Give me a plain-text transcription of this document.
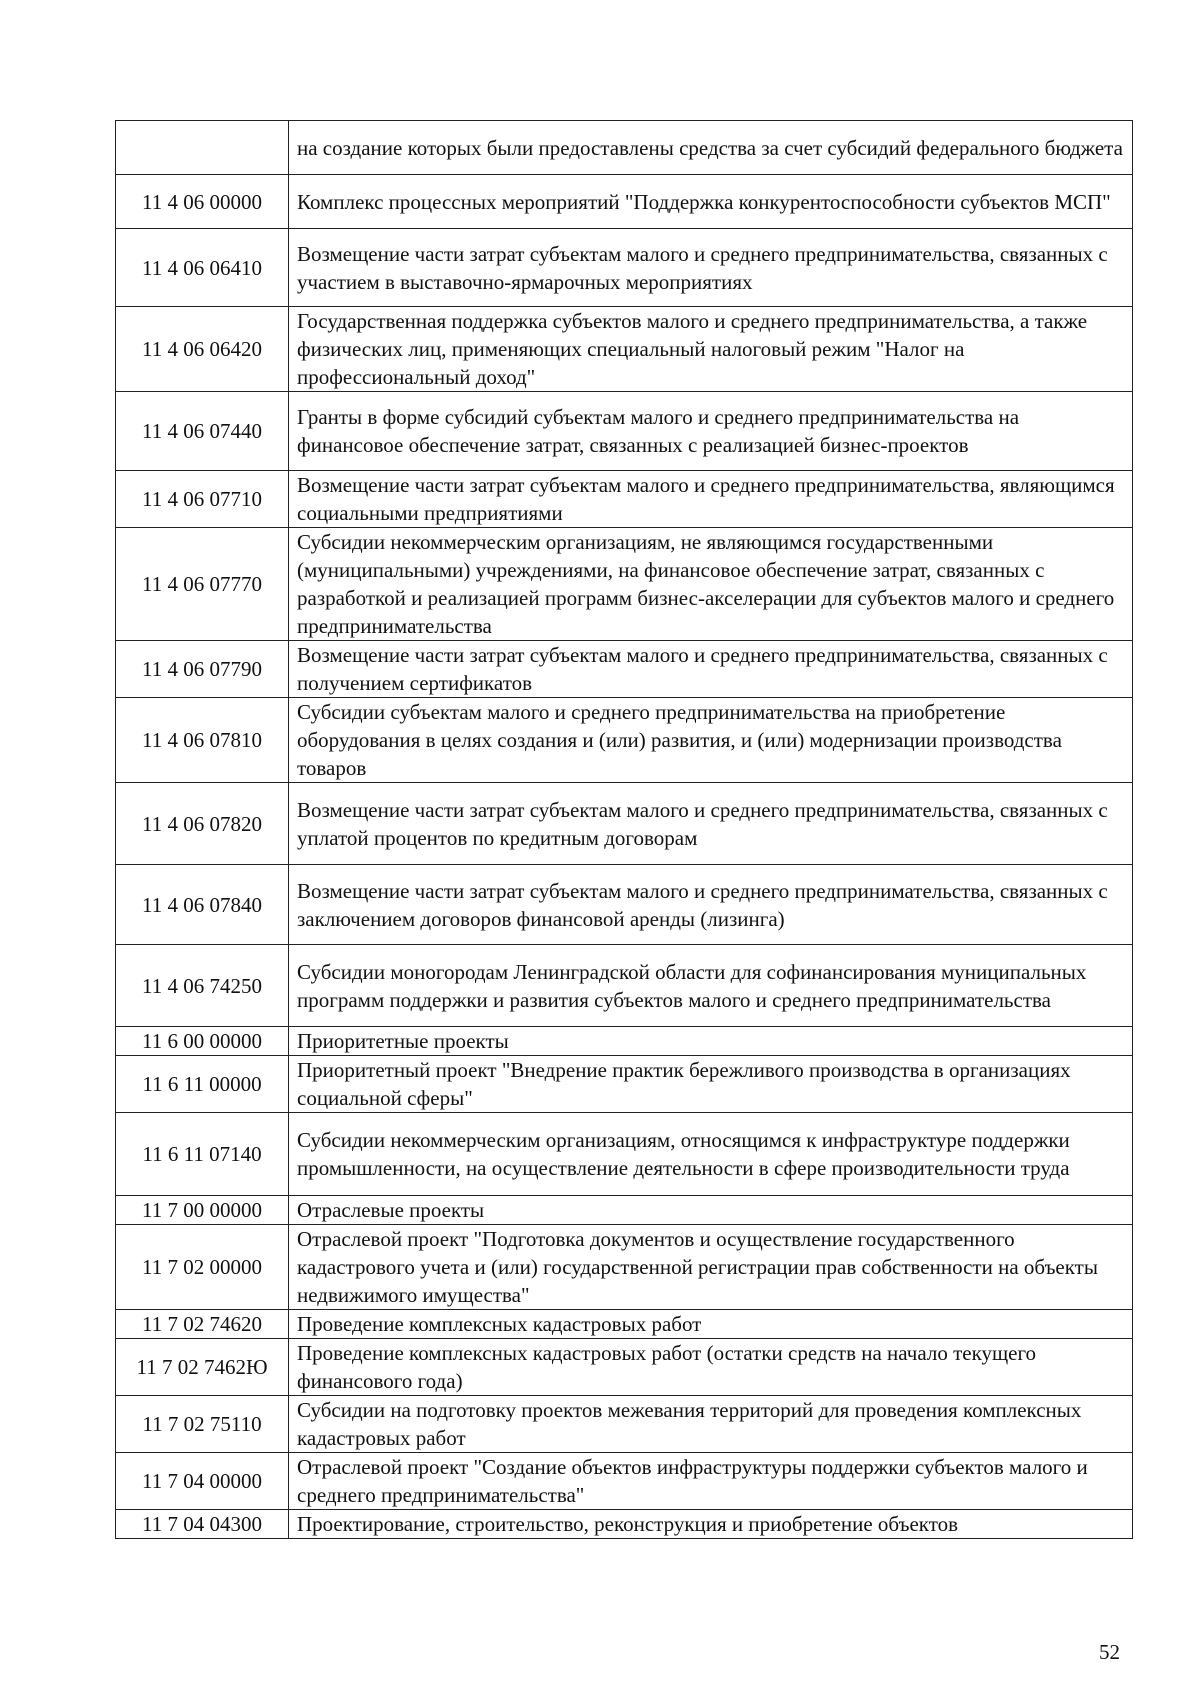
	на создание которых были предоставлены средства за счет субсидий федерального бюджета
11 4 06 00000	Комплекс процессных мероприятий "Поддержка конкурентоспособности субъектов МСП"
11 4 06 06410	Возмещение части затрат субъектам малого и среднего предпринимательства, связанных с участием в выставочно-ярмарочных мероприятиях
11 4 06 06420	Государственная поддержка субъектов малого и среднего предпринимательства, а также физических лиц, применяющих специальный налоговый режим "Налог на профессиональный доход"
11 4 06 07440	Гранты в форме субсидий субъектам малого и среднего предпринимательства на финансовое обеспечение затрат, связанных с реализацией бизнес-проектов
11 4 06 07710	Возмещение части затрат субъектам малого и среднего предпринимательства, являющимся социальными предприятиями
11 4 06 07770	Субсидии некоммерческим организациям, не являющимся государственными (муниципальными) учреждениями, на финансовое обеспечение затрат, связанных с разработкой и реализацией программ бизнес-акселерации для субъектов малого и среднего предпринимательства
11 4 06 07790	Возмещение части затрат субъектам малого и среднего предпринимательства, связанных с получением сертификатов
11 4 06 07810	Субсидии субъектам малого и среднего предпринимательства на приобретение оборудования в целях создания и (или) развития, и (или) модернизации производства товаров
11 4 06 07820	Возмещение части затрат субъектам малого и среднего предпринимательства, связанных с уплатой процентов по кредитным договорам
11 4 06 07840	Возмещение части затрат субъектам малого и среднего предпринимательства, связанных с заключением договоров финансовой аренды (лизинга)
11 4 06 74250	Субсидии моногородам Ленинградской области для софинансирования муниципальных программ поддержки и развития субъектов малого и среднего предпринимательства
11 6 00 00000	Приоритетные проекты
11 6 11 00000	Приоритетный проект "Внедрение практик бережливого производства в организациях социальной сферы"
11 6 11 07140	Субсидии некоммерческим организациям, относящимся к инфраструктуре поддержки промышленности, на осуществление деятельности в сфере производительности труда
11 7 00 00000	Отраслевые проекты
11 7 02 00000	Отраслевой проект "Подготовка документов и осуществление государственного кадастрового учета и (или) государственной регистрации прав собственности на объекты недвижимого имущества"
11 7 02 74620	Проведение комплексных кадастровых работ
11 7 02 7462Ю	Проведение комплексных кадастровых работ (остатки средств на начало текущего финансового года)
11 7 02 75110	Субсидии на подготовку проектов межевания территорий для проведения комплексных кадастровых работ
11 7 04 00000	Отраслевой проект "Создание объектов инфраструктуры поддержки субъектов малого и среднего предпринимательства"
11 7 04 04300	Проектирование, строительство, реконструкция и приобретение объектов
52
